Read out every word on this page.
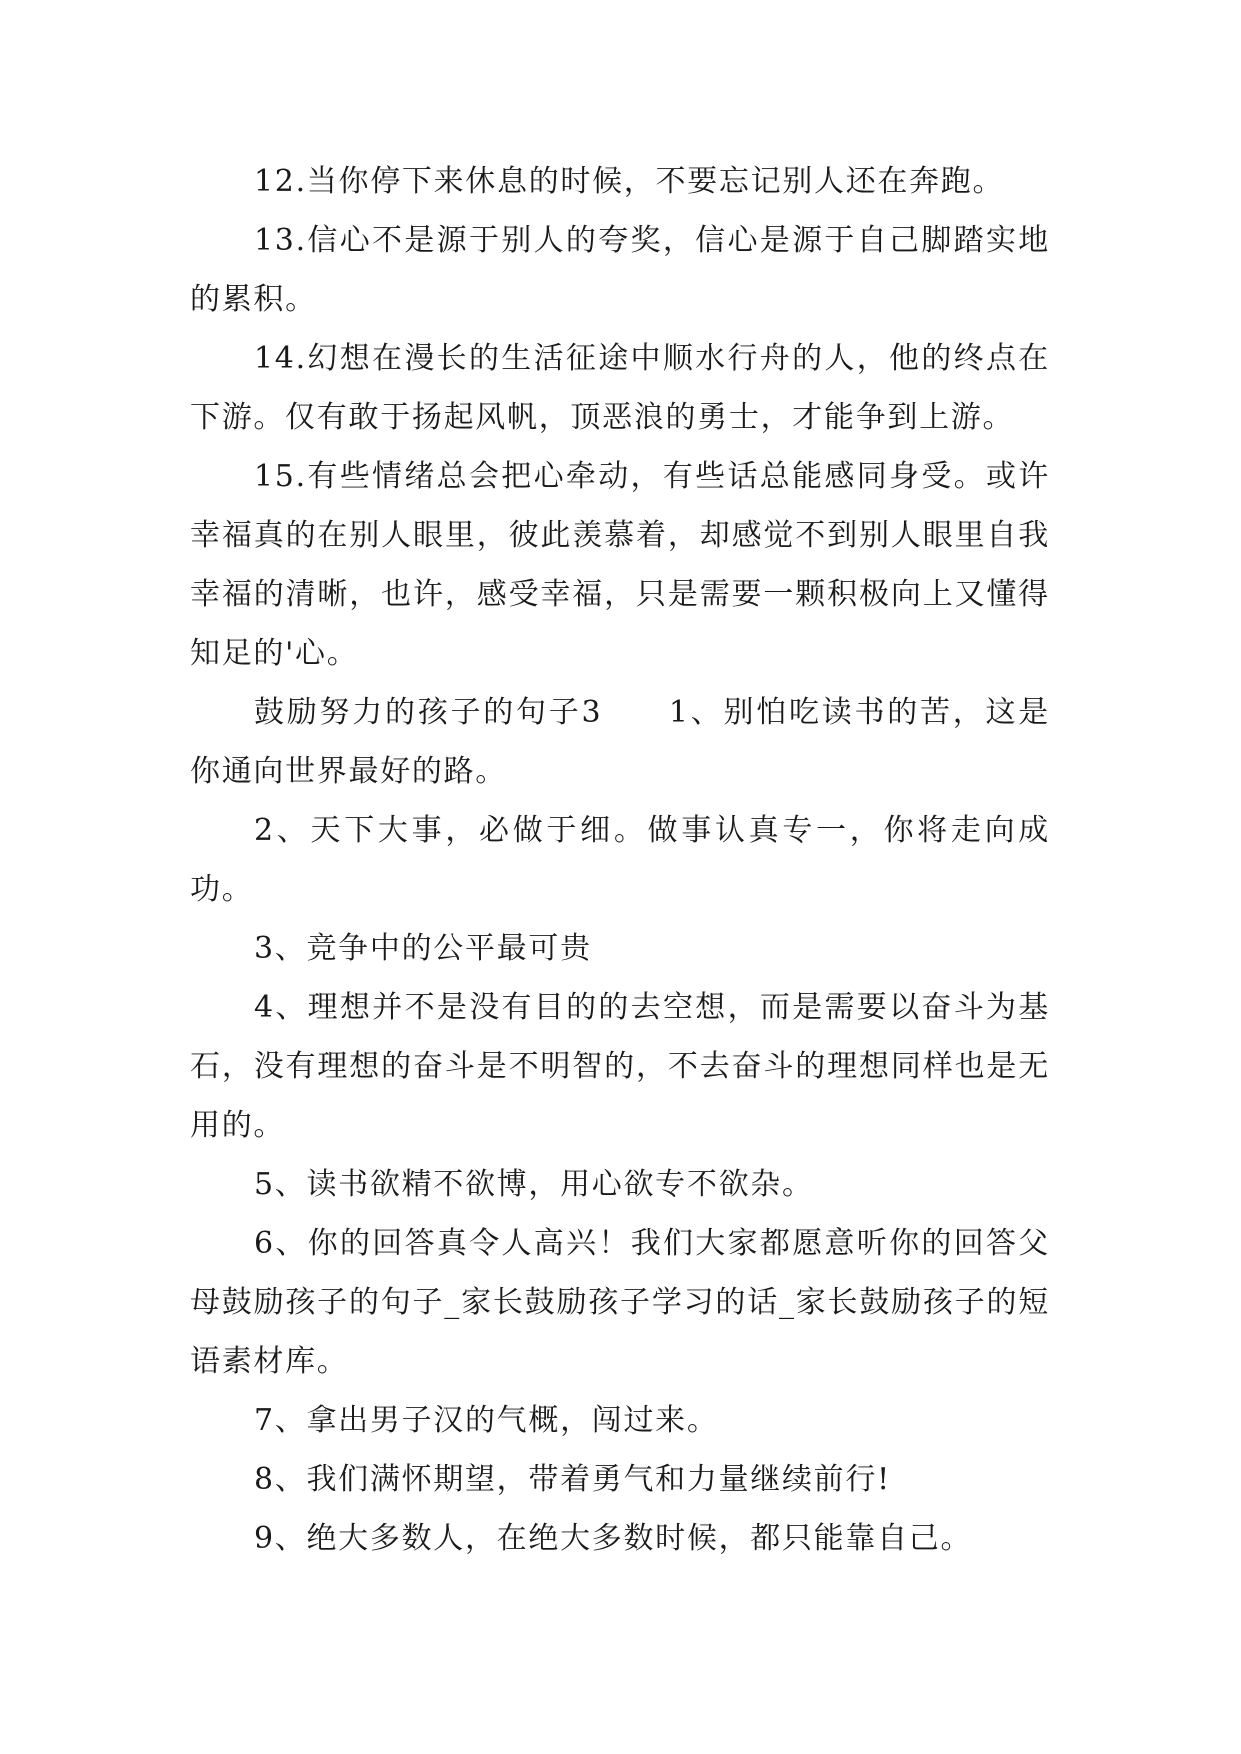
12.当你停下来休息的时候，不要忘记别人还在奔跑。

13.信心不是源于别人的夸奖，信心是源于自己脚踏实地的累积。

14.幻想在漫长的生活征途中顺水行舟的人，他的终点在下游。仅有敢于扬起风帆，顶恶浪的勇士，才能争到上游。

15.有些情绪总会把心牵动，有些话总能感同身受。或许幸福真的在别人眼里，彼此羡慕着，却感觉不到别人眼里自我幸福的清晰，也许，感受幸福，只是需要一颗积极向上又懂得知足的'心。

鼓励努力的孩子的句子3　　1、别怕吃读书的苦，这是你通向世界最好的路。

2、天下大事，必做于细。做事认真专一，你将走向成功。

3、竞争中的公平最可贵

4、理想并不是没有目的的去空想，而是需要以奋斗为基石，没有理想的奋斗是不明智的，不去奋斗的理想同样也是无用的。

5、读书欲精不欲博，用心欲专不欲杂。

6、你的回答真令人高兴！我们大家都愿意听你的回答父母鼓励孩子的句子_家长鼓励孩子学习的话_家长鼓励孩子的短语素材库。

7、拿出男子汉的气概，闯过来。

8、我们满怀期望，带着勇气和力量继续前行!

9、绝大多数人，在绝大多数时候，都只能靠自己。
